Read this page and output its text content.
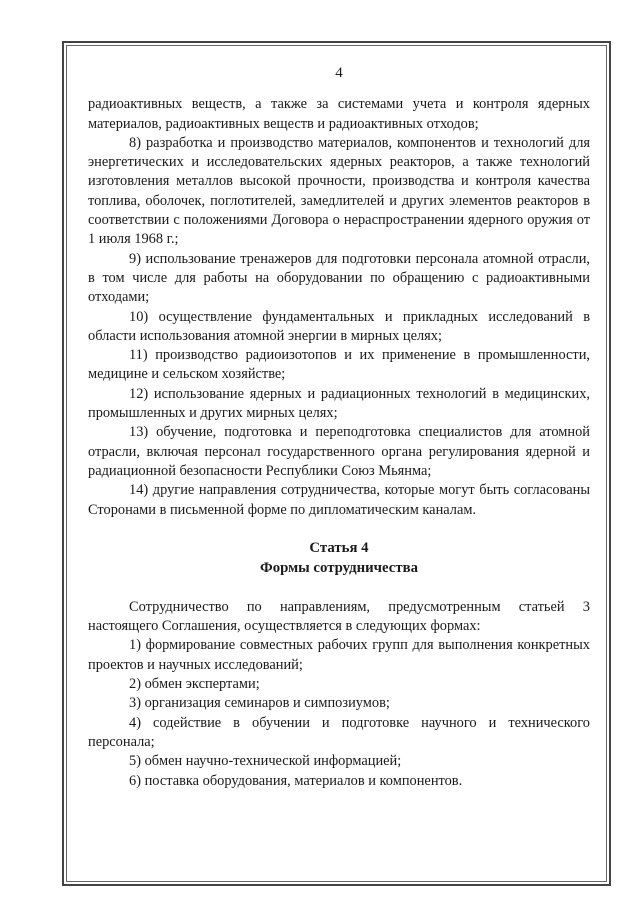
4

радиоактивных веществ, а также за системами учета и контроля ядерных материалов, радиоактивных веществ и радиоактивных отходов;

8) разработка и производство материалов, компонентов и технологий для энергетических и исследовательских ядерных реакторов, а также технологий изготовления металлов высокой прочности, производства и контроля качества топлива, оболочек, поглотителей, замедлителей и других элементов реакторов в соответствии с положениями Договора о нераспространении ядерного оружия от 1 июля 1968 г.;

9) использование тренажеров для подготовки персонала атомной отрасли, в том числе для работы на оборудовании по обращению с радиоактивными отходами;

10) осуществление фундаментальных и прикладных исследований в области использования атомной энергии в мирных целях;

11) производство радиоизотопов и их применение в промышленности, медицине и сельском хозяйстве;

12) использование ядерных и радиационных технологий в медицинских, промышленных и других мирных целях;

13) обучение, подготовка и переподготовка специалистов для атомной отрасли, включая персонал государственного органа регулирования ядерной и радиационной безопасности Республики Союз Мьянма;

14) другие направления сотрудничества, которые могут быть согласованы Сторонами в письменной форме по дипломатическим каналам.

Статья 4
Формы сотрудничества

Сотрудничество по направлениям, предусмотренным статьей 3 настоящего Соглашения, осуществляется в следующих формах:

1) формирование совместных рабочих групп для выполнения конкретных проектов и научных исследований;

2) обмен экспертами;

3) организация семинаров и симпозиумов;

4) содействие в обучении и подготовке научного и технического персонала;

5) обмен научно-технической информацией;

6) поставка оборудования, материалов и компонентов.
